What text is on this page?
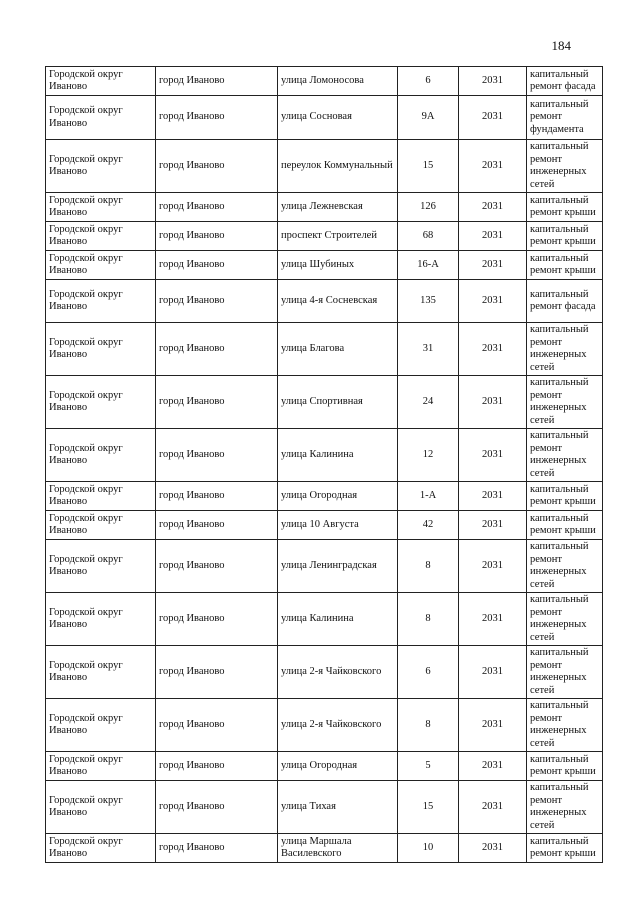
184
Городской округ Иваново	город Иваново	улица Ломоносова	6	2031	капитальный ремонт фасада
Городской округ Иваново	город Иваново	улица Сосновая	9А	2031	капитальный ремонт фундамента
Городской округ Иваново	город Иваново	переулок Коммунальный	15	2031	капитальный ремонт инженерных сетей
Городской округ Иваново	город Иваново	улица Лежневская	126	2031	капитальный ремонт крыши
Городской округ Иваново	город Иваново	проспект Строителей	68	2031	капитальный ремонт крыши
Городской округ Иваново	город Иваново	улица Шубиных	16-А	2031	капитальный ремонт крыши
Городской округ Иваново	город Иваново	улица 4-я Сосневская	135	2031	капитальный ремонт фасада
Городской округ Иваново	город Иваново	улица Благова	31	2031	капитальный ремонт инженерных сетей
Городской округ Иваново	город Иваново	улица Спортивная	24	2031	капитальный ремонт инженерных сетей
Городской округ Иваново	город Иваново	улица Калинина	12	2031	капитальный ремонт инженерных сетей
Городской округ Иваново	город Иваново	улица Огородная	1-А	2031	капитальный ремонт крыши
Городской округ Иваново	город Иваново	улица 10 Августа	42	2031	капитальный ремонт крыши
Городской округ Иваново	город Иваново	улица Ленинградская	8	2031	капитальный ремонт инженерных сетей
Городской округ Иваново	город Иваново	улица Калинина	8	2031	капитальный ремонт инженерных сетей
Городской округ Иваново	город Иваново	улица 2-я Чайковского	6	2031	капитальный ремонт инженерных сетей
Городской округ Иваново	город Иваново	улица 2-я Чайковского	8	2031	капитальный ремонт инженерных сетей
Городской округ Иваново	город Иваново	улица Огородная	5	2031	капитальный ремонт крыши
Городской округ Иваново	город Иваново	улица Тихая	15	2031	капитальный ремонт инженерных сетей
Городской округ Иваново	город Иваново	улица Маршала Василевского	10	2031	капитальный ремонт крыши
